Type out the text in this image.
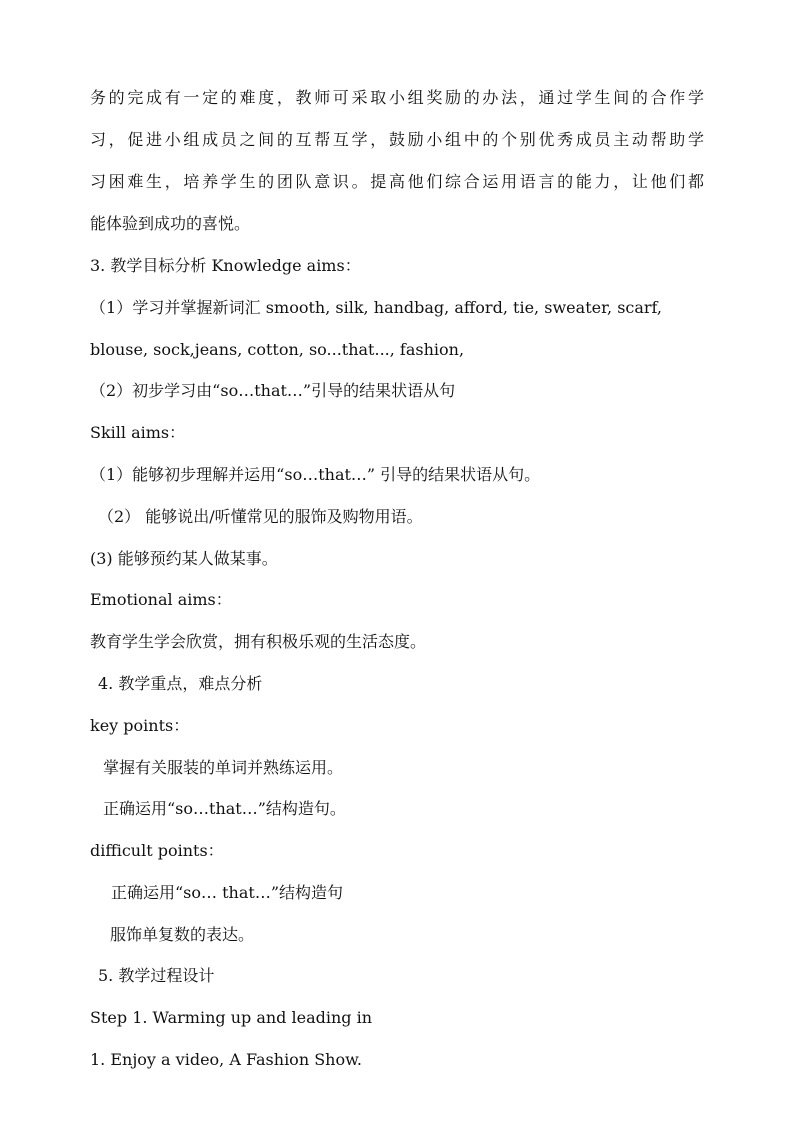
务的完成有一定的难度，教师可采取小组奖励的办法，通过学生间的合作学
习，促进小组成员之间的互帮互学，鼓励小组中的个别优秀成员主动帮助学
习困难生，培养学生的团队意识。提高他们综合运用语言的能力，让他们都
能体验到成功的喜悦。
3. 教学目标分析 Knowledge aims：
（1）学习并掌握新词汇 smooth, silk, handbag, afford, tie, sweater, scarf,
blouse, sock,jeans, cotton, so...that..., fashion,
（2）初步学习由“so…that…”引导的结果状语从句
Skill aims：
（1）能够初步理解并运用“so…that…” 引导的结果状语从句。
（2） 能够说出/听懂常见的服饰及购物用语。
(3) 能够预约某人做某事。
Emotional aims：
教育学生学会欣赏，拥有积极乐观的生活态度。
4. 教学重点，难点分析
key points：
掌握有关服装的单词并熟练运用。
正确运用“so…that…”结构造句。
difficult points：
正确运用“so… that…”结构造句
服饰单复数的表达。
5. 教学过程设计
Step 1. Warming up and leading in
1. Enjoy a video, A Fashion Show.
